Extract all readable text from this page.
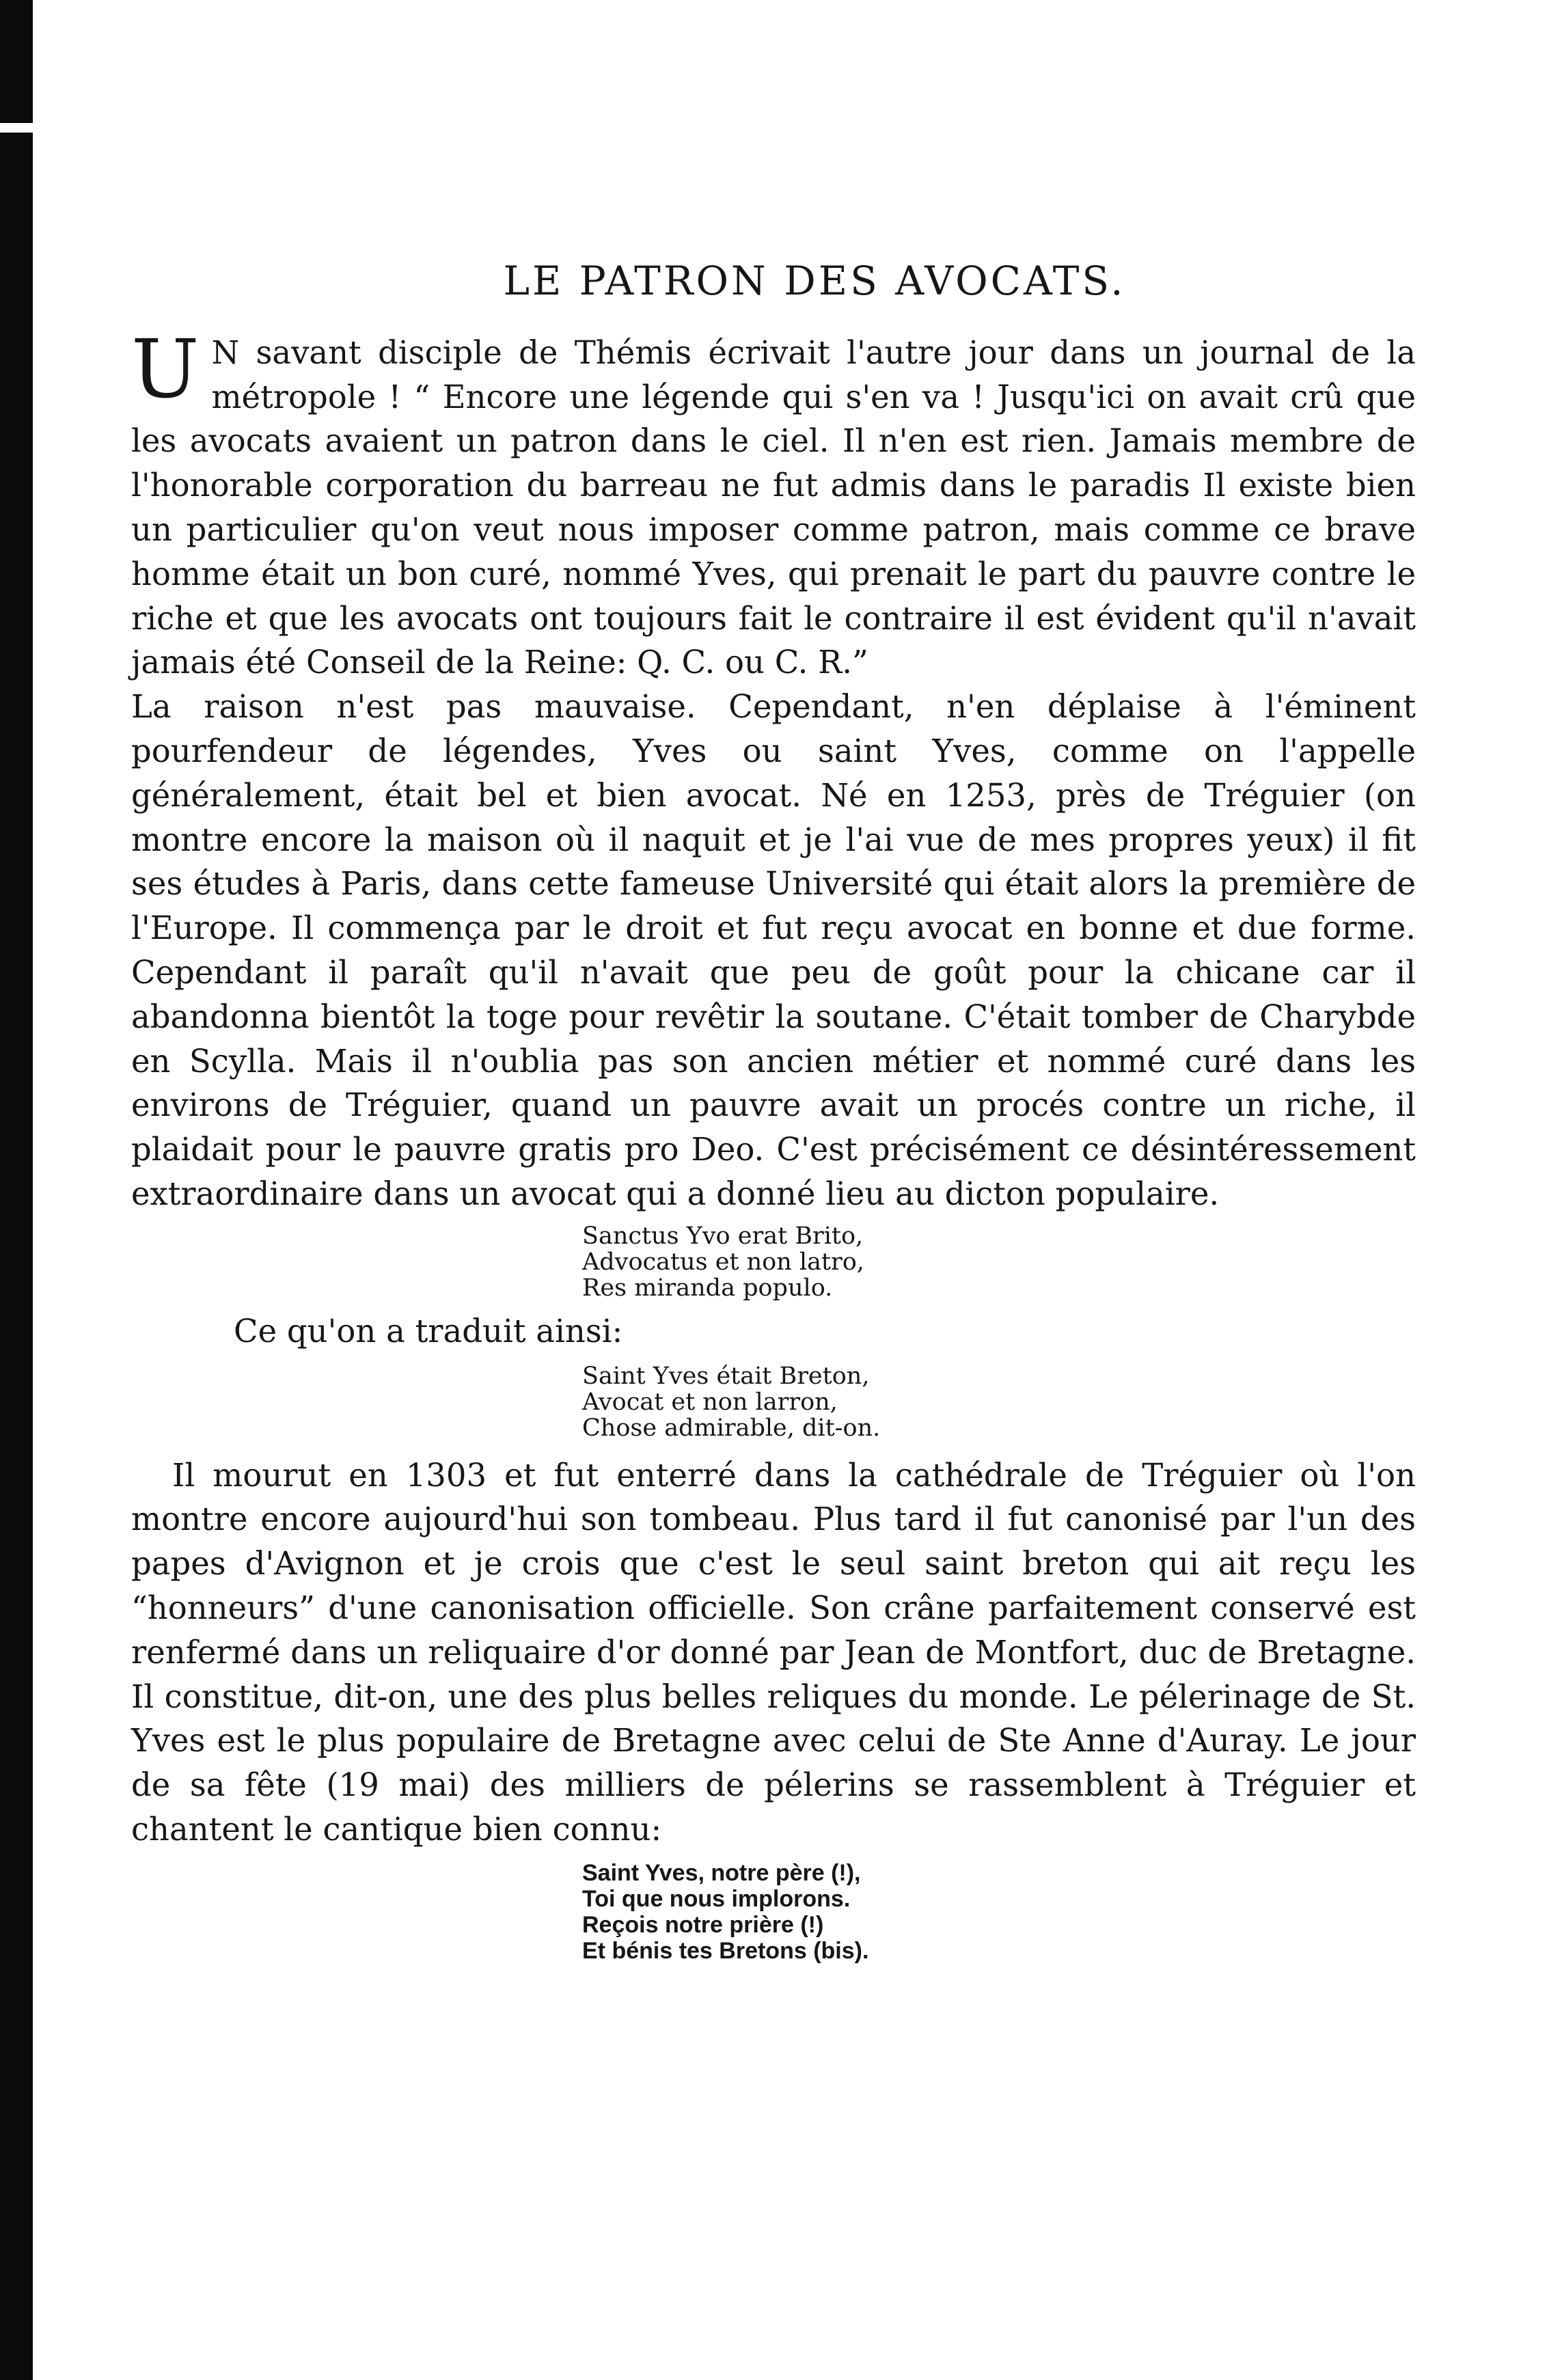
LE PATRON DES AVOCATS.

U N savant disciple de Thémis écrivait l'autre jour dans un journal de la métropole ! “ Encore une légende qui s'en va ! Jusqu'ici on avait crû que les avocats avaient un patron dans le ciel. Il n'en est rien. Jamais membre de l'honorable corporation du barreau ne fut admis dans le paradis Il existe bien un particulier qu'on veut nous imposer comme patron, mais comme ce brave homme était un bon curé, nommé Yves, qui prenait le part du pauvre contre le riche et que les avocats ont toujours fait le contraire il est évident qu'il n'avait jamais été Conseil de la Reine: Q. C. ou C. R.”

La raison n'est pas mauvaise. Cependant, n'en déplaise à l'éminent pourfendeur de légendes, Yves ou saint Yves, comme on l'appelle généralement, était bel et bien avocat. Né en 1253, près de Tréguier (on montre encore la maison où il naquit et je l'ai vue de mes propres yeux) il fit ses études à Paris, dans cette fameuse Université qui était alors la première de l'Europe. Il commença par le droit et fut reçu avocat en bonne et due forme. Cependant il paraît qu'il n'avait que peu de goût pour la chicane car il abandonna bientôt la toge pour revêtir la soutane. C'était tomber de Charybde en Scylla. Mais il n'oublia pas son ancien métier et nommé curé dans les environs de Tréguier, quand un pauvre avait un procés contre un riche, il plaidait pour le pauvre gratis pro Deo. C'est précisément ce désintéressement extraordinaire dans un avocat qui a donné lieu au dicton populaire.

Sanctus Yvo erat Brito,
Advocatus et non latro,
Res miranda populo.
Ce qu'on a traduit ainsi:
Saint Yves était Breton,
Avocat et non larron,
Chose admirable, dit-on.

Il mourut en 1303 et fut enterré dans la cathédrale de Tréguier où l'on montre encore aujourd'hui son tombeau. Plus tard il fut canonisé par l'un des papes d'Avignon et je crois que c'est le seul saint breton qui ait reçu les “honneurs” d'une canonisation officielle. Son crâne parfaitement conservé est renfermé dans un reliquaire d'or donné par Jean de Montfort, duc de Bretagne. Il constitue, dit-on, une des plus belles reliques du monde. Le pélerinage de St. Yves est le plus populaire de Bretagne avec celui de Ste Anne d'Auray. Le jour de sa fête (19 mai) des milliers de pélerins se rassemblent à Tréguier et chantent le cantique bien connu:

Saint Yves, notre père (!),
Toi que nous implorons.
Reçois notre prière (!)
Et bénis tes Bretons (bis).
